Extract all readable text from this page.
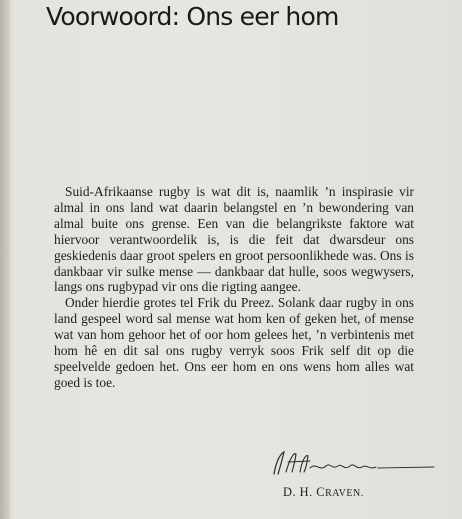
Voorwoord: Ons eer hom

Suid-Afrikaanse rugby is wat dit is, naamlik ’n inspirasie vir almal in ons land wat daarin belangstel en ’n bewondering van almal buite ons grense. Een van die belangrikste faktore wat hiervoor verantwoordelik is, is die feit dat dwarsdeur ons geskiedenis daar groot spelers en groot persoonlikhede was. Ons is dankbaar vir sulke mense — dankbaar dat hulle, soos wegwysers, langs ons rugbypad vir ons die rigting aangee.

Onder hierdie grotes tel Frik du Preez. Solank daar rugby in ons land gespeel word sal mense wat hom ken of geken het, of mense wat van hom gehoor het of oor hom gelees het, ’n verbintenis met hom hê en dit sal ons rugby verryk soos Frik self dit op die speelvelde gedoen het. Ons eer hom en ons wens hom alles wat goed is toe.

D. H. CRAVEN.
